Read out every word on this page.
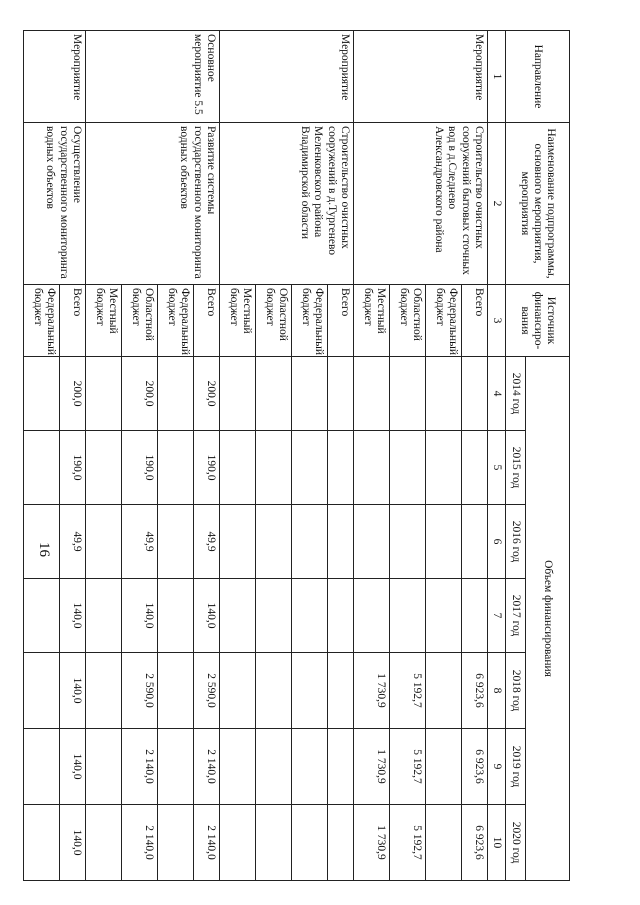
16
Направление	Наименование подпрограммы, основного мероприятия, мероприятия	Источник финансиро-вания	Объем финансирования						
			2014 год	2015 год	2016 год	2017 год	2018 год	2019 год	2020 год
1	2	3	4	5	6	7	8	9	10
Мероприятие	Строительство очистных сооружений бытовых сточных вод в д.Следнево Александровского района	Всего					6 923,6	6 923,6	6 923,6
		Федеральный бюджет							
		Областной бюджет					5 192,7	5 192,7	5 192,7
		Местный бюджет					1 730,9	1 730,9	1 730,9
Мероприятие	Строительство очистных сооружений в д.Тургенево Меленковского района Владимирской области	Всего							
		Федеральный бюджет							
		Областной бюджет							
		Местный бюджет							
Основное мероприятие 5.5	Развитие системы государственного мониторинга водных объектов	Всего	200,0	190,0	49,9	140,0	2 590,0	2 140,0	2 140,0
		Федеральный бюджет							
		Областной бюджет	200,0	190,0	49,9	140,0	2 590,0	2 140,0	2 140,0
		Местный бюджет							
Мероприятие	Осуществление государственного мониторинга водных объектов	Всего	200,0	190,0	49,9	140,0	140,0	140,0	140,0
		Федеральный бюджет							
